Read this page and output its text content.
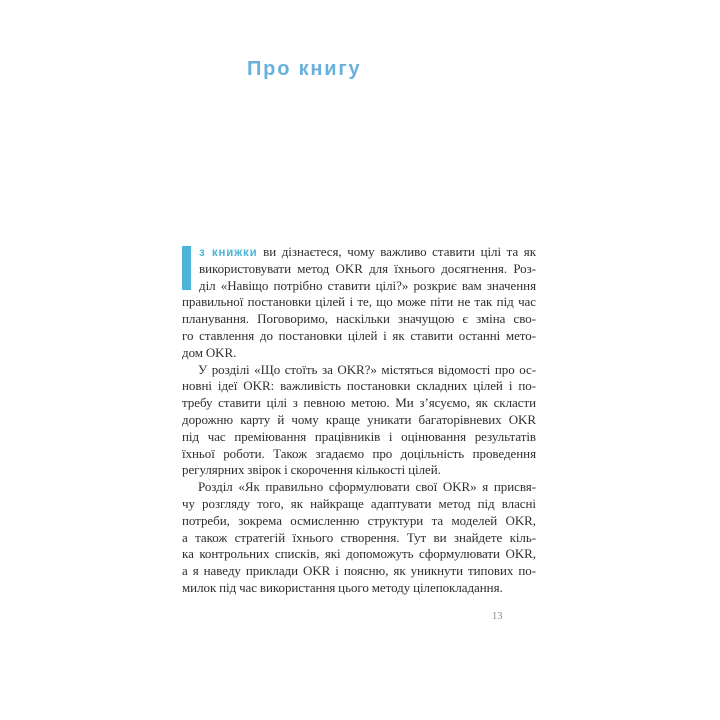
Про книгу
з книжки ви дізнаєтеся, чому важливо ставити цілі та як
використовувати метод OKR для їхнього досягнення. Роз-
діл «Навіщо потрібно ставити цілі?» розкриє вам значення
правильної постановки цілей і те, що може піти не так під час
планування. Поговоримо, наскільки значущою є зміна сво-
го ставлення до постановки цілей і як ставити останні мето-
дом OKR.
У розділі «Що стоїть за OKR?» містяться відомості про ос-
новні ідеї OKR: важливість постановки складних цілей і по-
требу ставити цілі з певною метою. Ми з’ясуємо, як скласти
дорожню карту й чому краще уникати багаторівневих OKR
під час преміювання працівників і оцінювання результатів
їхньої роботи. Також згадаємо про доцільність проведення
регулярних звірок і скорочення кількості цілей.
Розділ «Як правильно сформулювати свої OKR» я присвя-
чу розгляду того, як найкраще адаптувати метод під власні
потреби, зокрема осмисленню структури та моделей OKR,
а також стратегій їхнього створення. Тут ви знайдете кіль-
ка контрольних списків, які допоможуть сформулювати OKR,
а я наведу приклади OKR і поясню, як уникнути типових по-
милок під час використання цього методу цілепокладання.
13
